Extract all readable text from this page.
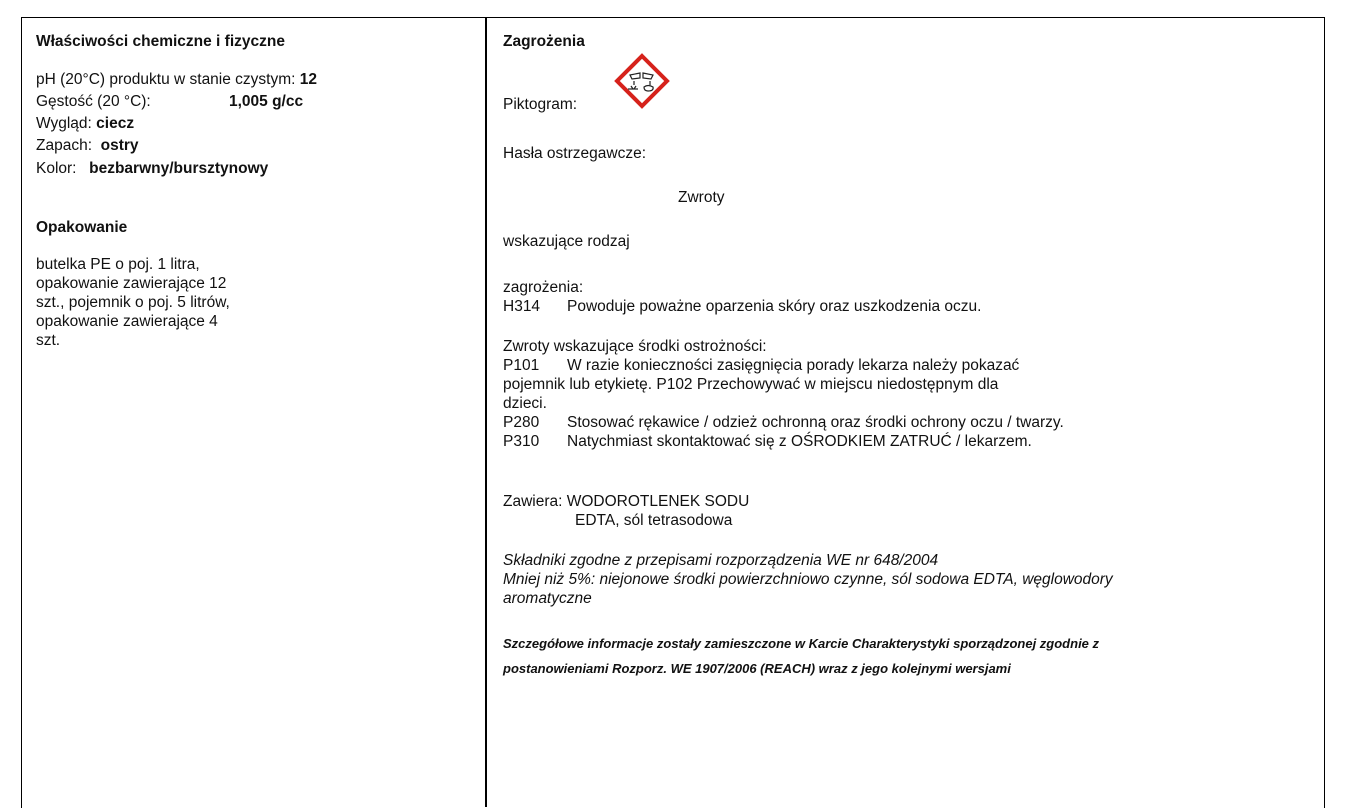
Właściwości chemiczne i fizyczne
pH (20°C) produktu w stanie czystym: 12
Gęstość (20 °C):	1,005 g/cc
Wygląd: ciecz
Zapach:  ostry
Kolor:  bezbarwny/bursztynowy
Opakowanie
butelka PE o poj. 1 litra,
opakowanie zawierające 12
szt., pojemnik o poj. 5 litrów,
opakowanie zawierające 4
szt.
Zagrożenia
Piktogram:
Hasła ostrzegawcze:
Zwroty
wskazujące rodzaj
zagrożenia:
H314 Powoduje poważne oparzenia skóry oraz uszkodzenia oczu.
Zwroty wskazujące środki ostrożności:
P101 W razie konieczności zasięgnięcia porady lekarza należy pokazać
pojemnik lub etykietę. P102 Przechowywać w miejscu niedostępnym dla
dzieci.
P280 Stosować rękawice / odzież ochronną oraz środki ochrony oczu / twarzy.
P310 Natychmiast skontaktować się z OŚRODKIEM ZATRUĆ / lekarzem.
Zawiera: WODOROTLENEK SODU
EDTA, sól tetrasodowa
Składniki zgodne z przepisami rozporządzenia WE nr 648/2004
Mniej niż 5%: niejonowe środki powierzchniowo czynne, sól sodowa EDTA, węglowodory
aromatyczne
Szczegółowe informacje zostały zamieszczone w Karcie Charakterystyki sporządzonej zgodnie z
postanowieniami Rozporz. WE 1907/2006 (REACH) wraz z jego kolejnymi wersjami
